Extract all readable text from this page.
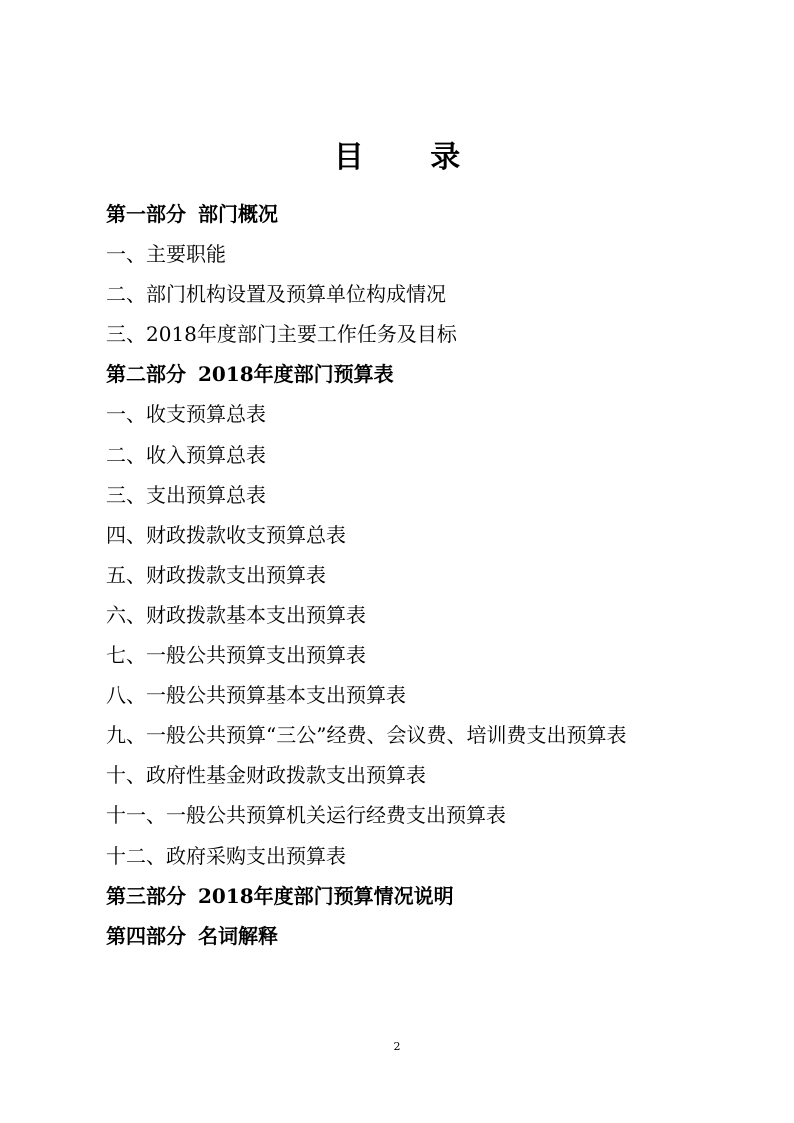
目 录
第一部分 部门概况
一、主要职能
二、部门机构设置及预算单位构成情况
三、2018年度部门主要工作任务及目标
第二部分 2018年度部门预算表
一、收支预算总表
二、收入预算总表
三、支出预算总表
四、财政拨款收支预算总表
五、财政拨款支出预算表
六、财政拨款基本支出预算表
七、一般公共预算支出预算表
八、一般公共预算基本支出预算表
九、一般公共预算“三公”经费、会议费、培训费支出预算表
十、政府性基金财政拨款支出预算表
十一、一般公共预算机关运行经费支出预算表
十二、政府采购支出预算表
第三部分 2018年度部门预算情况说明
第四部分 名词解释
2
